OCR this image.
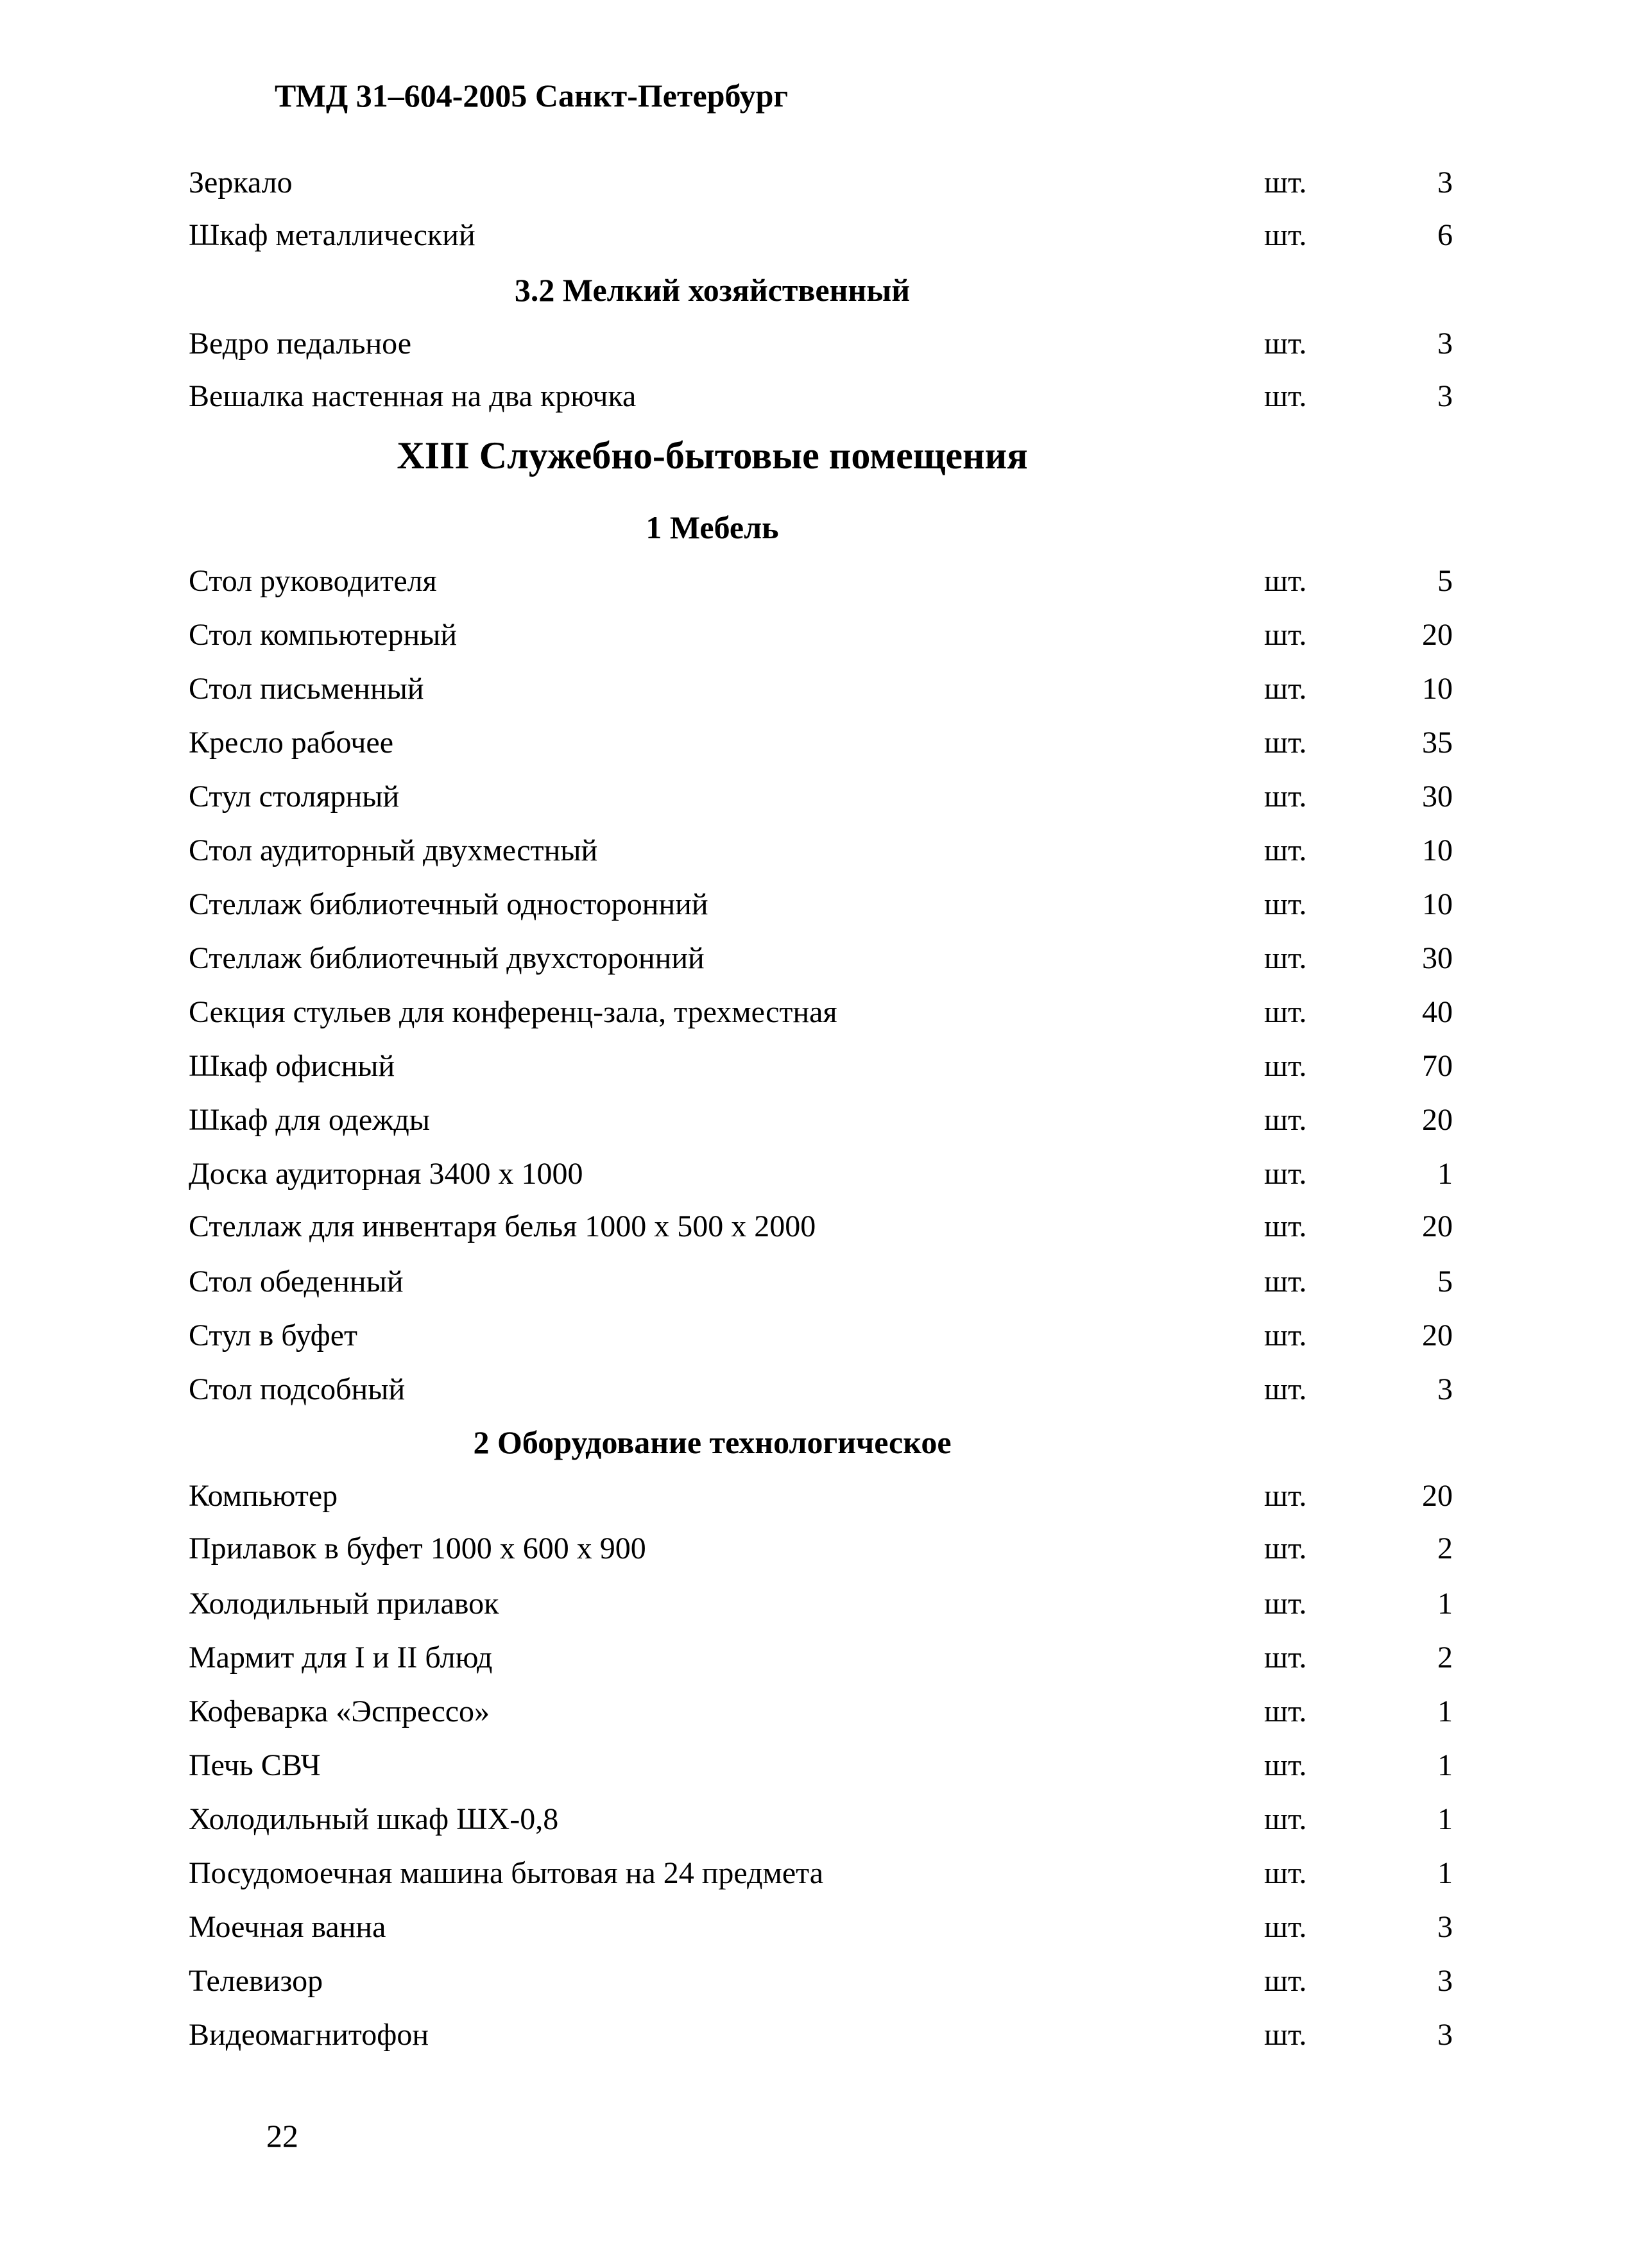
ТМД 31–604-2005 Санкт-Петербург
Зеркало	шт.	3
Шкаф металлический	шт.	6
3.2 Мелкий хозяйственный
Ведро педальное	шт.	3
Вешалка настенная на два крючка	шт.	3
XIII Служебно-бытовые помещения
1 Мебель
Стол руководителя	шт.	5
Стол компьютерный	шт.	20
Стол письменный	шт.	10
Кресло рабочее	шт.	35
Стул столярный	шт.	30
Стол аудиторный двухместный	шт.	10
Стеллаж библиотечный односторонний	шт.	10
Стеллаж библиотечный двухсторонний	шт.	30
Секция стульев для конференц-зала, трехместная	шт.	40
Шкаф офисный	шт.	70
Шкаф для одежды	шт.	20
Доска аудиторная 3400 х 1000	шт.	1
Стеллаж для инвентаря белья 1000 х 500 х 2000	шт.	20
Стол обеденный	шт.	5
Стул в буфет	шт.	20
Стол подсобный	шт.	3
2 Оборудование технологическое
Компьютер	шт.	20
Прилавок в буфет 1000 х 600 х 900	шт.	2
Холодильный прилавок	шт.	1
Мармит для I и II блюд	шт.	2
Кофеварка «Эспрессо»	шт.	1
Печь СВЧ	шт.	1
Холодильный шкаф ШХ-0,8	шт.	1
Посудомоечная машина бытовая на 24 предмета	шт.	1
Моечная ванна	шт.	3
Телевизор	шт.	3
Видеомагнитофон	шт.	3
22
